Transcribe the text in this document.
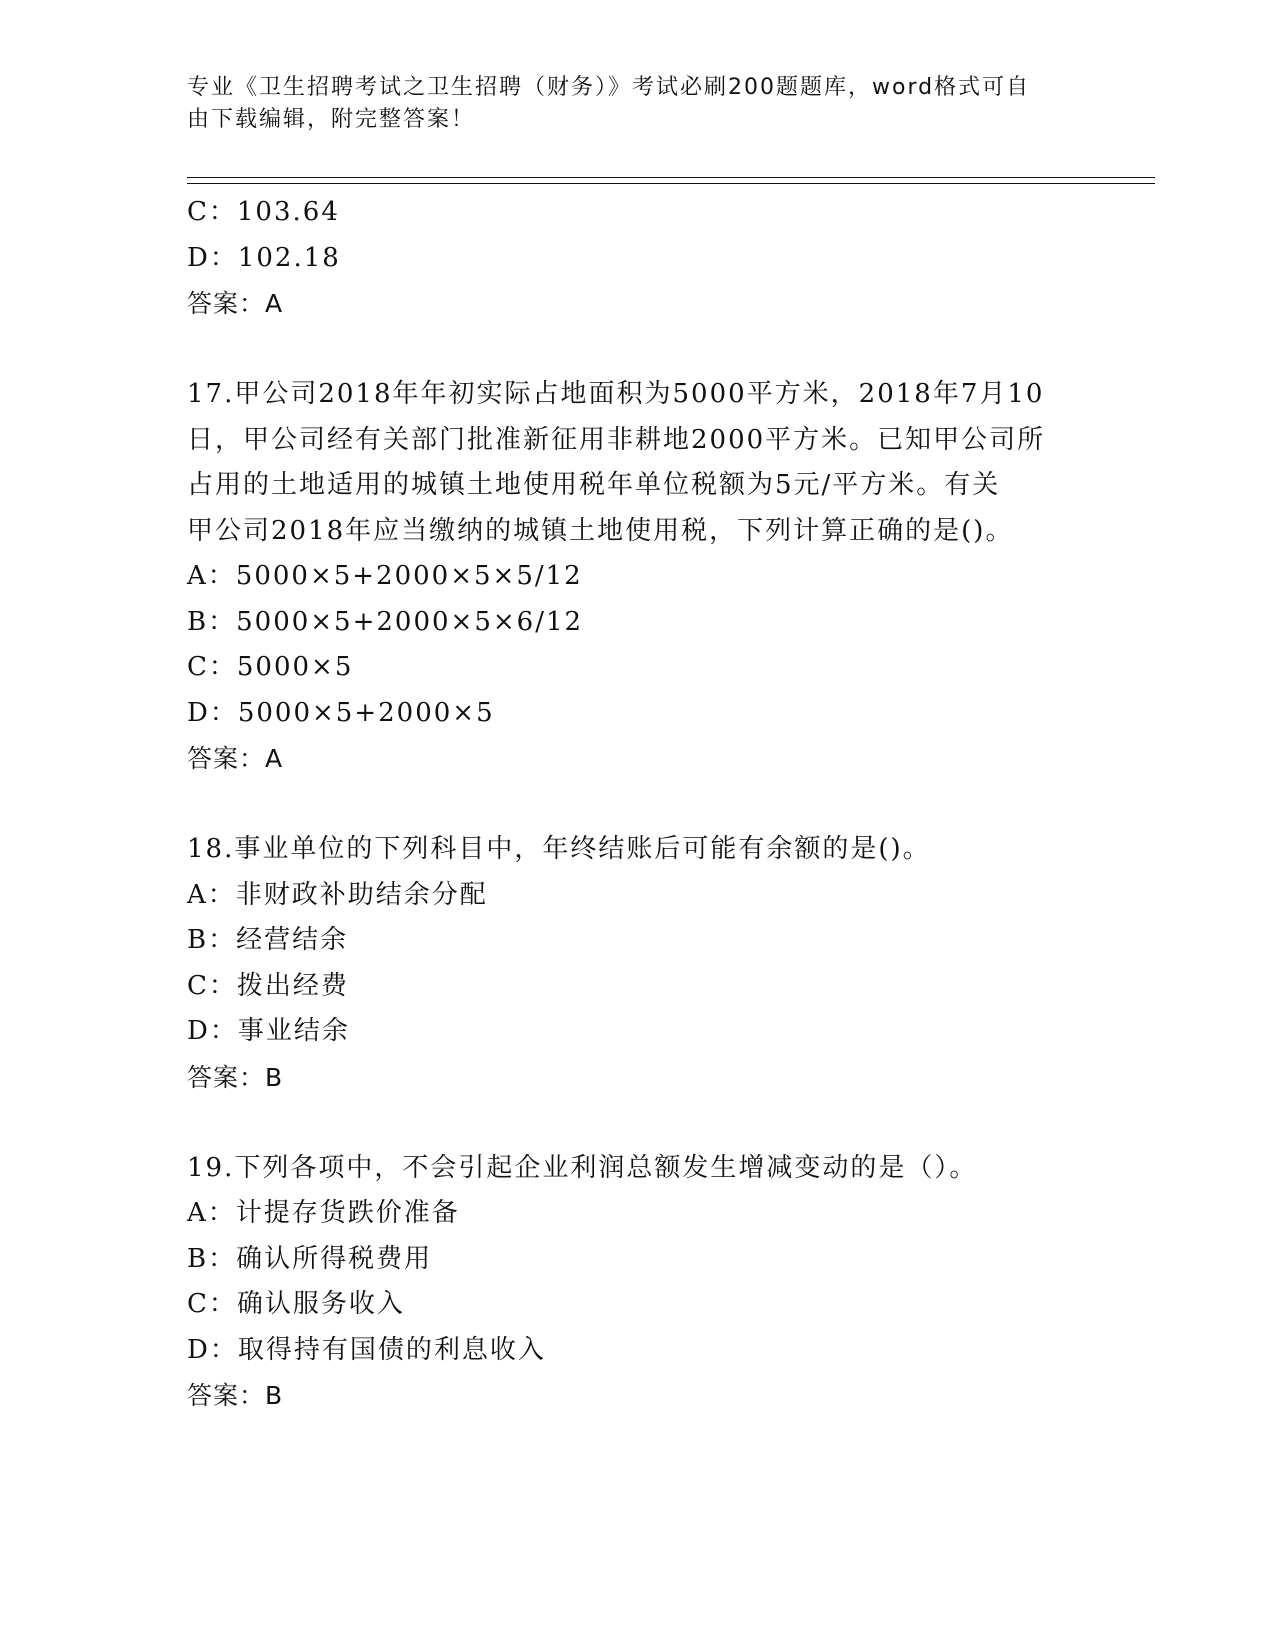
专业《卫生招聘考试之卫生招聘（财务）》考试必刷200题题库，word格式可自
由下载编辑，附完整答案！
C：103.64
D：102.18
答案：A
17.甲公司2018年年初实际占地面积为5000平方米，2018年7月10
日，甲公司经有关部门批准新征用非耕地2000平方米。已知甲公司所
占用的土地适用的城镇土地使用税年单位税额为5元/平方米。有关
甲公司2018年应当缴纳的城镇土地使用税，下列计算正确的是()。
A：5000×5+2000×5×5/12
B：5000×5+2000×5×6/12
C：5000×5
D：5000×5+2000×5
答案：A
18.事业单位的下列科目中，年终结账后可能有余额的是()。
A：非财政补助结余分配
B：经营结余
C：拨出经费
D：事业结余
答案：B
19.下列各项中，不会引起企业利润总额发生增减变动的是（）。
A：计提存货跌价准备
B：确认所得税费用
C：确认服务收入
D：取得持有国债的利息收入
答案：B
